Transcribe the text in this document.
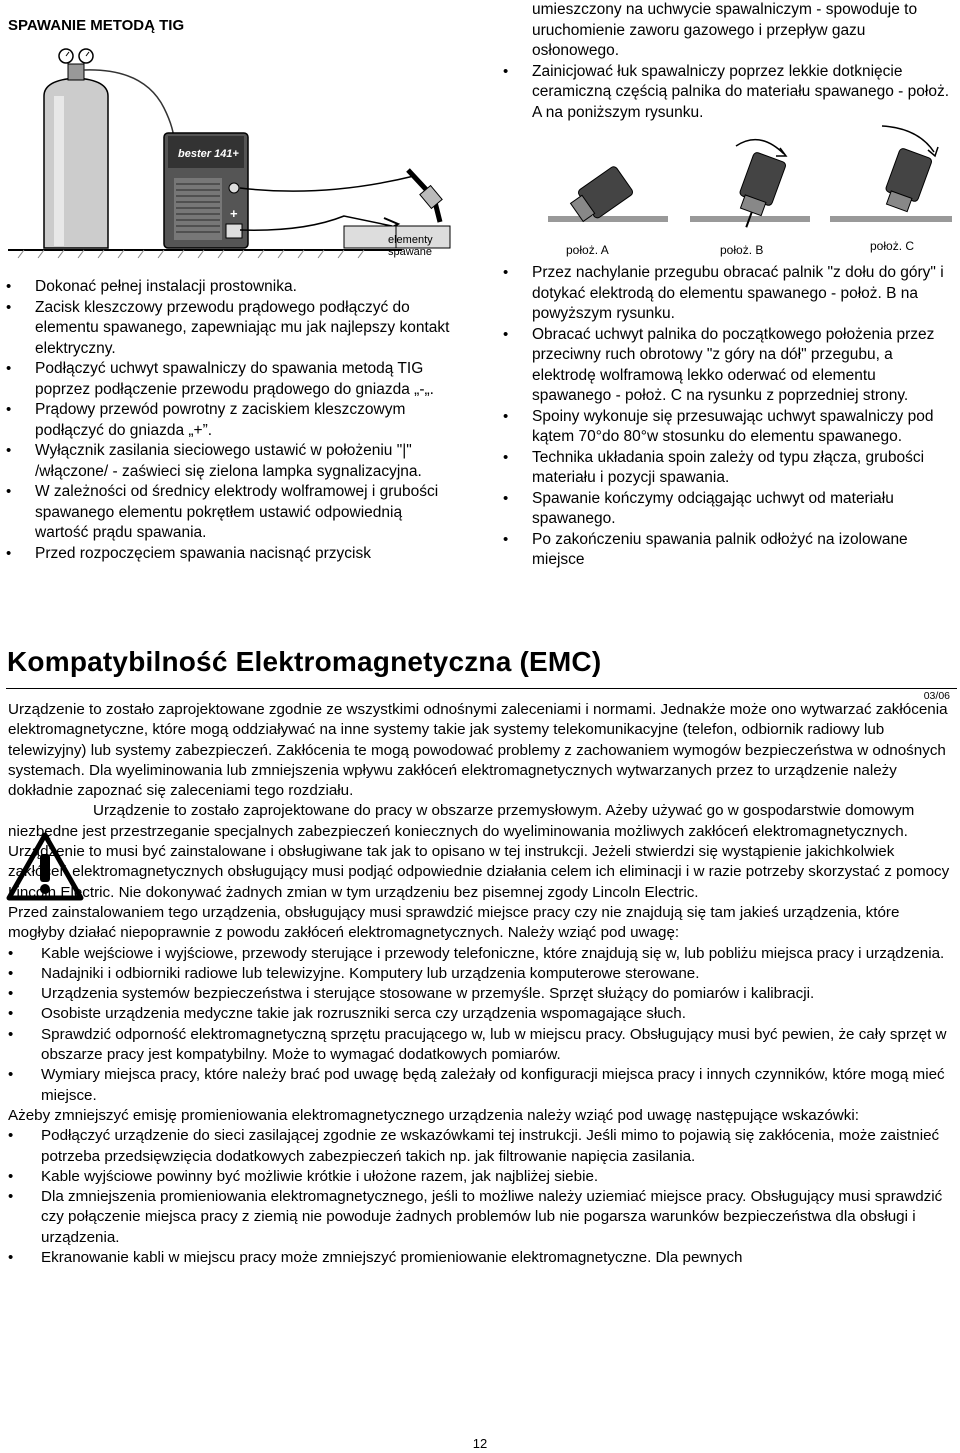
SPAWANIE METODĄ TIG
bester 141+
+
elementy
spawane

umieszczony na uchwycie spawalniczym - spowoduje to uruchomienie zaworu gazowego i przepływ gazu osłonowego.

• Zainicjować łuk spawalniczy poprzez lekkie dotknięcie ceramiczną częścią palnika do materiału spawanego - położ. A na poniższym rysunku.
położ. A	położ. B	położ. C
• Dokonać pełnej instalacji prostownika.
• Zacisk kleszczowy przewodu prądowego podłączyć do elementu spawanego, zapewniając mu jak najlepszy kontakt elektryczny.
• Podłączyć uchwyt spawalniczy do spawania metodą TIG poprzez podłączenie przewodu prądowego do gniazda „-„.
• Prądowy przewód powrotny z zaciskiem kleszczowym podłączyć do gniazda „+”.
• Wyłącznik zasilania sieciowego ustawić w położeniu "|" /włączone/ - zaświeci się zielona lampka sygnalizacyjna.
• W zależności od średnicy elektrody wolframowej i grubości spawanego elementu pokrętłem ustawić odpowiednią wartość prądu spawania.
• Przed rozpoczęciem spawania nacisnąć przycisk
• Przez nachylanie przegubu obracać palnik "z dołu do góry" i dotykać elektrodą do elementu spawanego - położ. B na powyższym rysunku.
• Obracać uchwyt palnika do początkowego położenia przez przeciwny ruch obrotowy "z góry na dół" przegubu, a elektrodę wolframową lekko oderwać od elementu spawanego - położ. C na rysunku z poprzedniej strony.
• Spoiny wykonuje się przesuwając uchwyt spawalniczy pod kątem 70°do 80°w stosunku do elementu spawanego.
• Technika układania spoin zależy od typu złącza, grubości materiału i pozycji spawania.
• Spawanie kończymy odciągając uchwyt od materiału spawanego.
• Po zakończeniu spawania palnik odłożyć na izolowane miejsce
Kompatybilność Elektromagnetyczna (EMC)
03/06

Urządzenie to zostało zaprojektowane zgodnie ze wszystkimi odnośnymi zaleceniami i normami. Jednakże może ono wytwarzać zakłócenia elektromagnetyczne, które mogą oddziaływać na inne systemy takie jak systemy telekomunikacyjne (telefon, odbiornik radiowy lub telewizyjny) lub systemy zabezpieczeń. Zakłócenia te mogą powodować problemy z zachowaniem wymogów bezpieczeństwa w odnośnych systemach. Dla wyeliminowania lub zmniejszenia wpływu zakłóceń elektromagnetycznych wytwarzanych przez to urządzenie należy dokładnie zapoznać się zaleceniami tego rozdziału.

Urządzenie to zostało zaprojektowane do pracy w obszarze przemysłowym. Ażeby używać go w gospodarstwie domowym niezbędne jest przestrzeganie specjalnych zabezpieczeń koniecznych do wyeliminowania możliwych zakłóceń elektromagnetycznych. Urządzenie to musi być zainstalowane i obsługiwane tak jak to opisano w tej instrukcji. Jeżeli stwierdzi się wystąpienie jakichkolwiek zakłóceń elektromagnetycznych obsługujący musi podjąć odpowiednie działania celem ich eliminacji i w razie potrzeby skorzystać z pomocy Lincoln Electric. Nie dokonywać żadnych zmian w tym urządzeniu bez pisemnej zgody Lincoln Electric.

Przed zainstalowaniem tego urządzenia, obsługujący musi sprawdzić miejsce pracy czy nie znajdują się tam jakieś urządzenia, które mogłyby działać niepoprawnie z powodu zakłóceń elektromagnetycznych. Należy wziąć pod uwagę:

• Kable wejściowe i wyjściowe, przewody sterujące i przewody telefoniczne, które znajdują się w, lub pobliżu miejsca pracy i urządzenia.
• Nadajniki i odbiorniki radiowe lub telewizyjne. Komputery lub urządzenia komputerowe sterowane.
• Urządzenia systemów bezpieczeństwa i sterujące stosowane w przemyśle. Sprzęt służący do pomiarów i kalibracji.
• Osobiste urządzenia medyczne takie jak rozruszniki serca czy urządzenia wspomagające słuch.
• Sprawdzić odporność elektromagnetyczną sprzętu pracującego w, lub w miejscu pracy. Obsługujący musi być pewien, że cały sprzęt w obszarze pracy jest kompatybilny. Może to wymagać dodatkowych pomiarów.
• Wymiary miejsca pracy, które należy brać pod uwagę będą zależały od konfiguracji miejsca pracy i innych czynników, które mogą mieć miejsce.

Ażeby zmniejszyć emisję promieniowania elektromagnetycznego urządzenia należy wziąć pod uwagę następujące wskazówki:

• Podłączyć urządzenie do sieci zasilającej zgodnie ze wskazówkami tej instrukcji. Jeśli mimo to pojawią się zakłócenia, może zaistnieć potrzeba przedsięwzięcia dodatkowych zabezpieczeń takich np. jak filtrowanie napięcia zasilania.
• Kable wyjściowe powinny być możliwie krótkie i ułożone razem, jak najbliżej siebie.
• Dla zmniejszenia promieniowania elektromagnetycznego, jeśli to możliwe należy uziemiać miejsce pracy. Obsługujący musi sprawdzić czy połączenie miejsca pracy z ziemią nie powoduje żadnych problemów lub nie pogarsza warunków bezpieczeństwa dla obsługi i urządzenia.
• Ekranowanie kabli w miejscu pracy może zmniejszyć promieniowanie elektromagnetyczne. Dla pewnych
12
